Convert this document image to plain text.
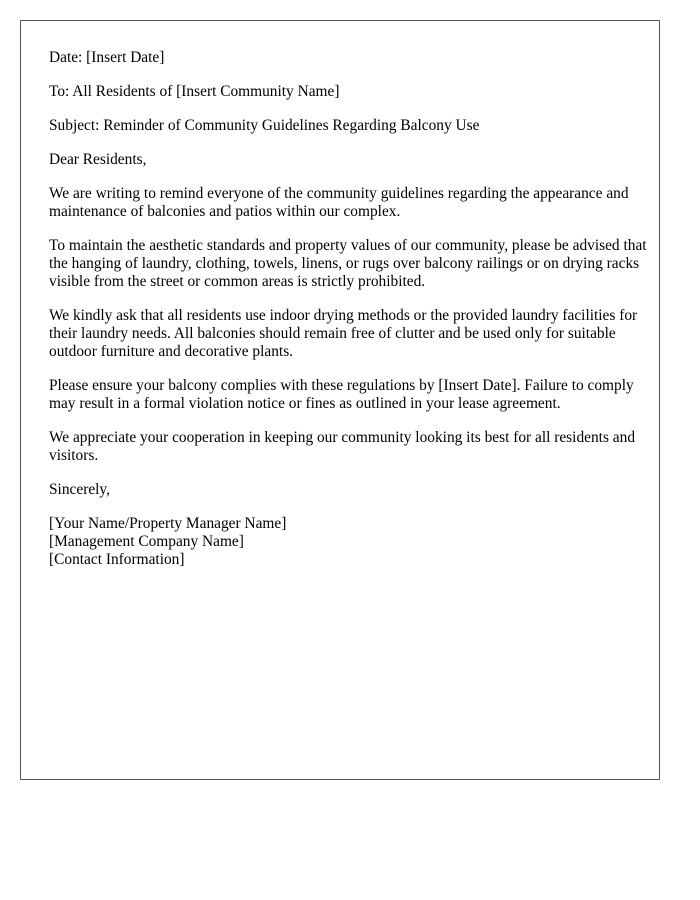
Date: [Insert Date]

To: All Residents of [Insert Community Name]

Subject: Reminder of Community Guidelines Regarding Balcony Use

Dear Residents,

We are writing to remind everyone of the community guidelines regarding the appearance and maintenance of balconies and patios within our complex.

To maintain the aesthetic standards and property values of our community, please be advised that the hanging of laundry, clothing, towels, linens, or rugs over balcony railings or on drying racks visible from the street or common areas is strictly prohibited.

We kindly ask that all residents use indoor drying methods or the provided laundry facilities for their laundry needs. All balconies should remain free of clutter and be used only for suitable outdoor furniture and decorative plants.

Please ensure your balcony complies with these regulations by [Insert Date]. Failure to comply may result in a formal violation notice or fines as outlined in your lease agreement.

We appreciate your cooperation in keeping our community looking its best for all residents and visitors.

Sincerely,

[Your Name/Property Manager Name]
[Management Company Name]
[Contact Information]
